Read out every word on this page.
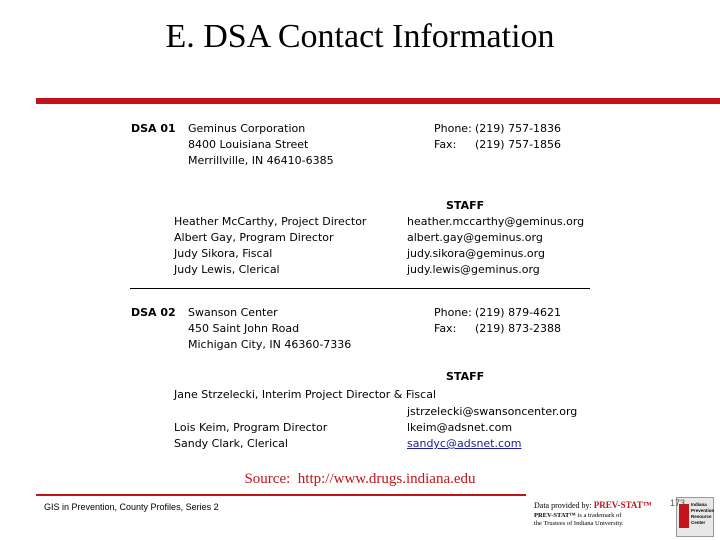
E. DSA Contact Information
DSA 01 Geminus Corporation
8400 Louisiana Street
Merrillville, IN 46410-6385
Phone: (219) 757-1836
Fax: (219) 757-1856
STAFF
Heather McCarthy, Project Director	heather.mccarthy@geminus.org
Albert Gay, Program Director	albert.gay@geminus.org
Judy Sikora, Fiscal	judy.sikora@geminus.org
Judy Lewis, Clerical	judy.lewis@geminus.org
DSA 02 Swanson Center
450 Saint John Road
Michigan City, IN 46360-7336
Phone: (219) 879-4621
Fax: (219) 873-2388
STAFF
Jane Strzelecki, Interim Project Director & Fiscal
jstrzelecki@swansoncenter.org
Lois Keim, Program Director	lkeim@adsnet.com
Sandy Clark, Clerical	sandyc@adsnet.com
Source: http://www.drugs.indiana.edu
GIS in Prevention, County Profiles, Series 2	Data provided by: PREV-STAT™
PREV-STAT™ is a trademark of
the Trustees of Indiana University.
Indiana
Prevention
Resource
Center
173
